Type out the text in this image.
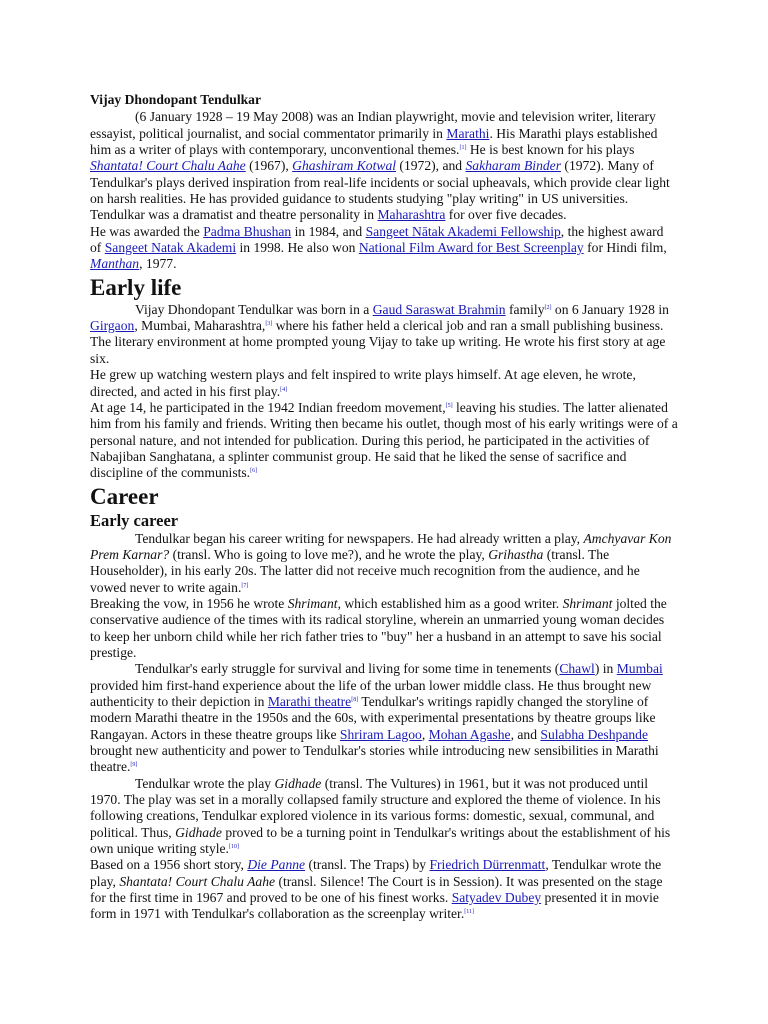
Vijay Dhondopant Tendulkar

(6 January 1928 – 19 May 2008) was an Indian playwright, movie and television writer, literary essayist, political journalist, and social commentator primarily in Marathi. His Marathi plays established him as a writer of plays with contemporary, unconventional themes.[1] He is best known for his plays Shantata! Court Chalu Aahe (1967), Ghashiram Kotwal (1972), and Sakharam Binder (1972). Many of Tendulkar's plays derived inspiration from real-life incidents or social upheavals, which provide clear light on harsh realities. He has provided guidance to students studying "play writing" in US universities. Tendulkar was a dramatist and theatre personality in Maharashtra for over five decades.

He was awarded the Padma Bhushan in 1984, and Sangeet Nātak Akademi Fellowship, the highest award of Sangeet Natak Akademi in 1998. He also won National Film Award for Best Screenplay for Hindi film, Manthan, 1977.

Early life

Vijay Dhondopant Tendulkar was born in a Gaud Saraswat Brahmin family[2] on 6 January 1928 in Girgaon, Mumbai, Maharashtra,[3] where his father held a clerical job and ran a small publishing business. The literary environment at home prompted young Vijay to take up writing. He wrote his first story at age six.

He grew up watching western plays and felt inspired to write plays himself. At age eleven, he wrote, directed, and acted in his first play.[4]

At age 14, he participated in the 1942 Indian freedom movement,[5] leaving his studies. The latter alienated him from his family and friends. Writing then became his outlet, though most of his early writings were of a personal nature, and not intended for publication. During this period, he participated in the activities of Nabajiban Sanghatana, a splinter communist group. He said that he liked the sense of sacrifice and discipline of the communists.[6]

Career
Early career

Tendulkar began his career writing for newspapers. He had already written a play, Amchyavar Kon Prem Karnar? (transl. Who is going to love me?), and he wrote the play, Grihastha (transl. The Householder), in his early 20s. The latter did not receive much recognition from the audience, and he vowed never to write again.[7]

Breaking the vow, in 1956 he wrote Shrimant, which established him as a good writer. Shrimant jolted the conservative audience of the times with its radical storyline, wherein an unmarried young woman decides to keep her unborn child while her rich father tries to "buy" her a husband in an attempt to save his social prestige.

Tendulkar's early struggle for survival and living for some time in tenements (Chawl) in Mumbai provided him first-hand experience about the life of the urban lower middle class. He thus brought new authenticity to their depiction in Marathi theatre[8] Tendulkar's writings rapidly changed the storyline of modern Marathi theatre in the 1950s and the 60s, with experimental presentations by theatre groups like Rangayan. Actors in these theatre groups like Shriram Lagoo, Mohan Agashe, and Sulabha Deshpande brought new authenticity and power to Tendulkar's stories while introducing new sensibilities in Marathi theatre.[9]

Tendulkar wrote the play Gidhade (transl. The Vultures) in 1961, but it was not produced until 1970. The play was set in a morally collapsed family structure and explored the theme of violence. In his following creations, Tendulkar explored violence in its various forms: domestic, sexual, communal, and political. Thus, Gidhade proved to be a turning point in Tendulkar's writings about the establishment of his own unique writing style.[10]

Based on a 1956 short story, Die Panne (transl. The Traps) by Friedrich Dürrenmatt, Tendulkar wrote the play, Shantata! Court Chalu Aahe (transl. Silence! The Court is in Session). It was presented on the stage for the first time in 1967 and proved to be one of his finest works. Satyadev Dubey presented it in movie form in 1971 with Tendulkar's collaboration as the screenplay writer.[11]
